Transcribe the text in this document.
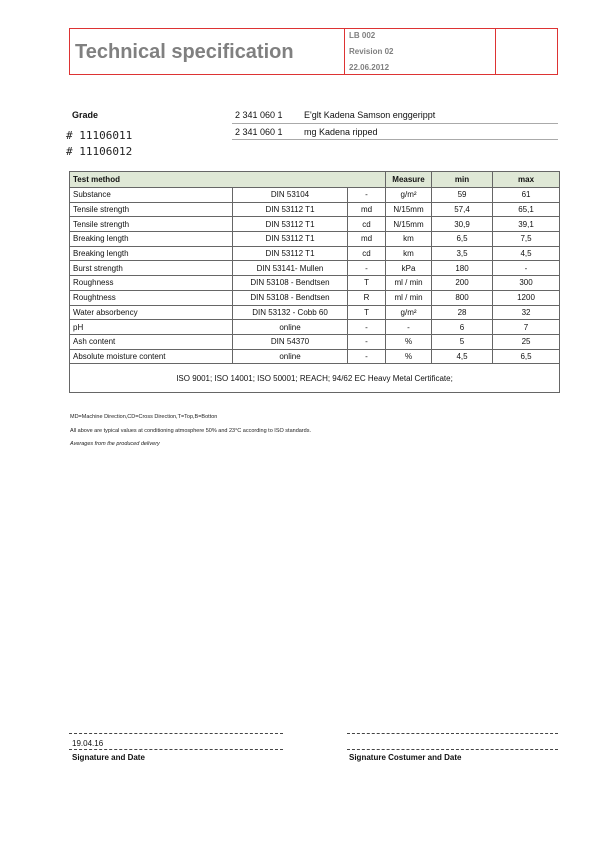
Technical specification
LB 002
Revision 02
22.06.2012
Grade
# 11106011
# 11106012
2 341 060 1 E'glt Kadena Samson enggerippt
2 341 060 1 mg Kadena ripped
Test method			Measure	min	max
Substance	DIN 53104	-	g/m²	59	61
Tensile strength	DIN 53112 T1	md	N/15mm	57,4	65,1
Tensile strength	DIN 53112 T1	cd	N/15mm	30,9	39,1
Breaking length	DIN 53112 T1	md	km	6,5	7,5
Breaking length	DIN 53112 T1	cd	km	3,5	4,5
Burst strength	DIN 53141- Mullen	-	kPa	180	-
Roughness	DIN 53108 - Bendtsen	T	ml / min	200	300
Roughtness	DIN 53108 - Bendtsen	R	ml / min	800	1200
Water absorbency	DIN 53132 - Cobb 60	T	g/m²	28	32
pH	online	-	-	6	7
Ash content	DIN 54370	-	%	5	25
Absolute moisture content	online	-	%	4,5	6,5
ISO 9001; ISO 14001; ISO 50001; REACH; 94/62 EC Heavy Metal Certificate;					
MD=Machine Direction,CD=Cross Direction,T=Top,B=Botton
All above are typical values at conditioning atmosphere 50% and 23°C according to ISO standards.
Averages from the produced delivery
19.04.16
Signature and Date	Signature Costumer and Date
